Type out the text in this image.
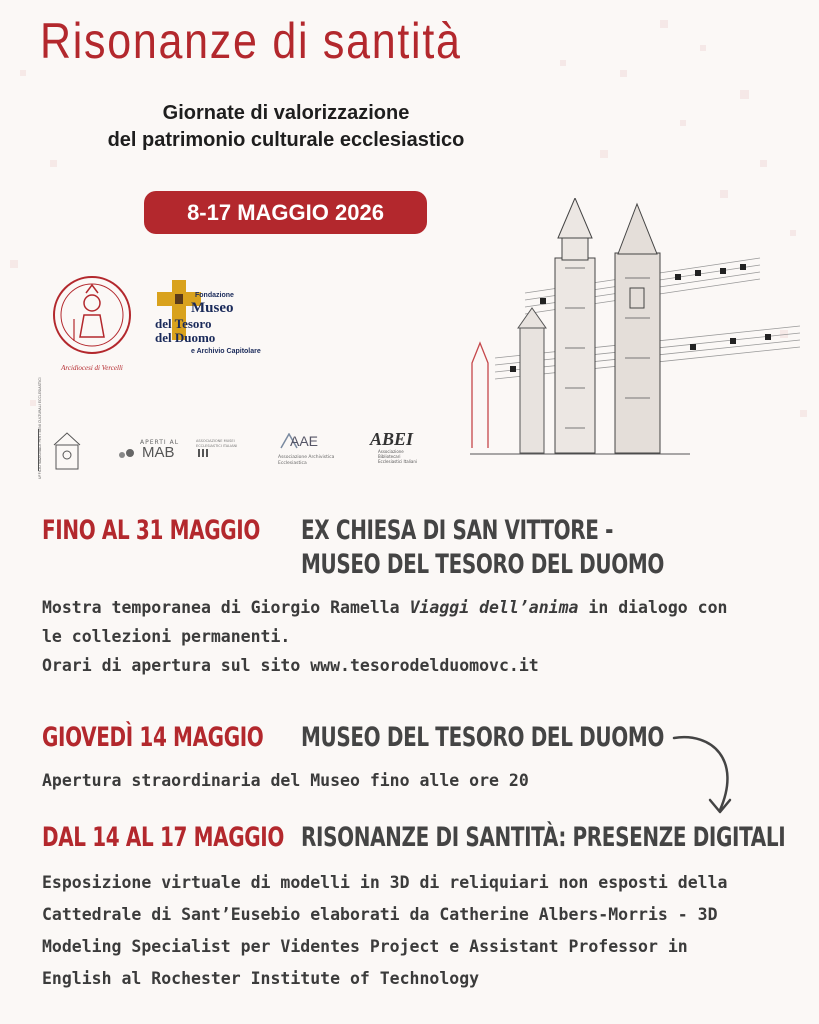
Risonanze di santità
Giornate di valorizzazione
del patrimonio culturale ecclesiastico
8-17 MAGGIO 2026
Arcidiocesi di Vercelli
Fondazione
Museo
del Tesoro
del Duomo
e Archivio Capitolare
UFFICIO NAZIONALE PER I BENI CULTURALI ECCLESIASTICI	APERTI AL
MAB
ASSOCIAZIONE MUSEI ECCLESIASTICI ITALIANI	AAE
Associazione Archivistica Ecclesiastica
ABEI
Associazione Bibliotecari Ecclesiastici Italiani
FINO AL 31 MAGGIO EX CHIESA DI SAN VITTORE -
MUSEO DEL TESORO DEL DUOMO
Mostra temporanea di Giorgio Ramella Viaggi dell’anima in dialogo con
le collezioni permanenti.
Orari di apertura sul sito www.tesorodelduomovc.it
GIOVEDÌ 14 MAGGIO MUSEO DEL TESORO DEL DUOMO
Apertura straordinaria del Museo fino alle ore 20
DAL 14 AL 17 MAGGIO RISONANZE DI SANTITÀ: PRESENZE DIGITALI
Esposizione virtuale di modelli in 3D di reliquiari non esposti della
Cattedrale di Sant’Eusebio elaborati da Catherine Albers-Morris - 3D
Modeling Specialist per Videntes Project e Assistant Professor in
English al Rochester Institute of Technology
